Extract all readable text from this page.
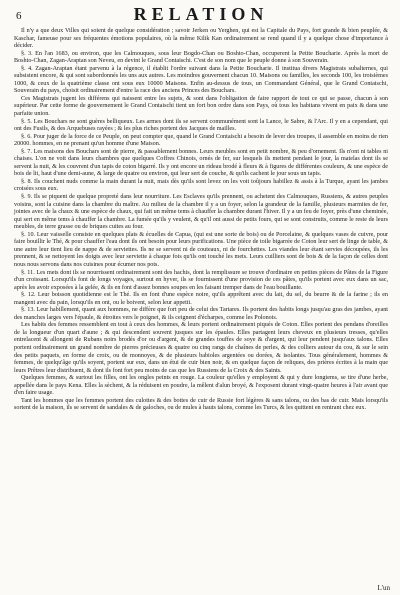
6	RELATION

Il n'y a que deux Villes qui soient de quelque considération ; savoir Jerken ou Yerghen, qui est la Capitale du Pays, fort grande & bien peuplée, & Kaschar, fameuse pour ses fréquentes émotions populaires, où la même Kilik Kan ordinairement se rend quand il y a quelque chose d'importance à décider.

§. 3. En l'an 1683, ou environ, que les Calmouques, sous leur Bogdo-Chan ou Boshto-Chan, occuperent la Petite Boucharie. Après la mort de Boshto-Chan, Zagan-Araptan son Neveu, en devint le Grand Contaischi. C'est de son nom que le peuple donne à son Souverain.

§. 4. Zagan-Araptan étant parvenu à la régence, il établit l'ordre suivant dans la Petite Boucharie. Il institua divers Magistrats subalternes, qui subsistent encore, & qui sont subordonnés les uns aux autres. Les moindres gouvernent chacun 10. Maisons ou familles, les seconds 100, les troisièmes 1000, & ceux de la quatrième classe ont sous eux 10000 Maisons. Enfin au-dessus de tous, un Commandant Général, que le Grand Contaischi, Souverain du pays, choisit ordinairement d'entre la race des anciens Princes des Bouchars.

Ces Magistrats jugent les différens qui naissent entre les sujets, & sont dans l'obligation de faire rapport de tout ce qui se passe, chacun à son supérieur. Par cette forme de gouvernement le Grand Contaischi tient un fort bon ordre dans son Pays, où tous les habitans vivent en paix & dans une parfaite union.

§. 5. Les Bouchars ne sont guères belliqueux. Les armes dont ils se servent communément sont la Lance, le Sabre, & l'Arc. Il y en a cependant, qui ont des Fusils, & des Arquebuses rayées ; & les plus riches portent des Jacques de mailles.

§. 6. Pour juger de la force de ce Peuple, on peut compter que, quand le Grand Contaischi a besoin de lever des troupes, il assemble en moins de rien 20000. hommes, en ne prenant qu'un homme d'une Maison.

§. 7. Les maisons des Bouchars sont de pierre, & passablement bonnes. Leurs meubles sont en petit nombre, & peu d'ornement. Ils n'ont ni tables ni chaises. L'on ne voit dans leurs chambres que quelques Coffres Chinois, ornés de fer, sur lesquels ils mettent pendant le jour, la matelas dont ils se servent la nuit, & les couvrent d'un tapis de coton bigarré. Ils y ont encore un rideau brodé à fleurs & à figures de différentes couleurs, & une espèce de bois de lit, haut d'une demi-aune, & large de quatre ou environ, qui leur sert de couche, & qu'ils cachent le jour sous un tapis.

§. 8. Ils couchent nuds comme la main durant la nuit, mais dès qu'ils sont levez on les voit toûjours habillez & assis à la Turque, ayant les jambes croisées sous eux.

§. 9. Ils se piquent de quelque propreté dans leur nourriture. Les Esclaves qu'ils prennent, ou achetent des Calmouques, Russiens, & autres peuples voisins, sont la cuisine dans la chambre du maître. Au milieu de la chambre il y a un foyer, selon la grandeur de la famille, plusieurs marmites de fer, jointes avec de la chaux & une espèce de chaux, qui fait un même tems à chauffer la chambre durant l'hiver. Il y a un feu de foyer, près d'une cheminée, qui sert en même tems à chauffer la chambre. La fumée qu'ils y veulent, & qu'il ont aussi de petits fours, qui se sont construits, comme le reste de leurs meubles, de terre grasse ou de briques cuites au four.

§. 10. Leur vaisselle consiste en quelques plats & écuelles de Capua, (qui est une sorte de bois) ou de Porcelaine, & quelques vases de cuivre, pour faire bouillir le Thé, & pour chauffer l'eau dont ils ont besoin pour leurs purifications. Une pièce de toile bigarrée de Coton leur sert de linge de table, & une autre leur tient lieu de nappe & de serviettes. Ils ne se servent ni de couteaux, ni de fourchettes. Les viandes leur étant servies découpées, ils les prennent, & se nettoyent les doigts avec leur serviette à chaque fois qu'ils ont touché les mets. Leurs cuilliers sont de bois & de la façon de celles dont nous nous servons dans nos cuisines pour écumer nos pots.

§. 11. Les mets dont ils se nourrissent ordinairement sont des hachis, dont la remplissure se trouve d'ordinaire en petites pièces de Pâtes de la Figure d'un croissant. Lorsqu'ils font de longs voyages, surtout en hyver, ils se fournissent d'une provision de ces pâtes, qu'ils portent avec eux dans un sac, après les avoir exposées à la gelée, & ils en font d'assez bonnes soupes en les faisant tremper dans de l'eau bouillante.

§. 12. Leur boisson quotidienne est le Thé. Ils en font d'une espèce noire, qu'ils apprêtent avec du lait, du sel, du beurre & de la farine ; ils en mangent avec du pain, lorsqu'ils en ont, ou le boivent, selon leur appetit.

§. 13. Leur habillement, quant aux hommes, ne diffère que fort peu de celui des Tartares. Ils portent des habits longs jusqu'au gras des jambes, ayant des manches larges vers l'épaule, & étroites vers le poignet, & ils ceignent d'écharpes, comme les Polonois.

Les habits des femmes ressemblent en tout à ceux des hommes, & leurs portent ordinairement piqués de Coton. Elles portent des pendans d'oreilles de la longueur d'un quart d'aune ; & qui descendent souvent jusques sur les épaules. Elles partagent leurs cheveux en plusieurs tresses, qu'elles entrelacent & allongent de Rubans noirs brodés d'or ou d'argent, & de grandes touffes de soye & d'argent, qui leur pendent jusqu'aux talons. Elles portent ordinairement un grand nombre de pierres précieuses & quatre ou cinq rangs de chaînes de perles, & des colliers autour du cou, & sur le sein des petits paquets, en forme de croix, ou de monnoyes, & de plusieurs babioles argentées ou dorées, & isolantes. Tous généralement, hommes & femmes, de quelqu'âge qu'ils soyent, portent sur eux, dans un étui de cuir bien noir, & en quelque façon de reliques, des prières écrites à la main que leurs Prêtres leur distribuent, & dont ils font fort peu moins de cas que les Russiens de la Croix & des Saints.

Quelques femmes, & surtout les filles, ont les ongles peints en rouge. La couleur qu'elles y employent & qui y dure longtems, se tire d'une herbe, appellée dans le pays Kena. Elles la sèchent, & la réduisent en poudre, la mêlent d'alun broyé, & l'exposent durant vingt-quatre heures à l'air avant que d'en faire usage.

Tant les hommes que les femmes portent des culottes & des bottes de cuir de Russie fort légères & sans talons, ou des bas de cuir. Mais lorsqu'ils sortent de la maison, ils se servent de sandales & de galoches, ou de mules à hauts talons, comme les Turcs, & les quittent en rentrant chez eux.

L'un
